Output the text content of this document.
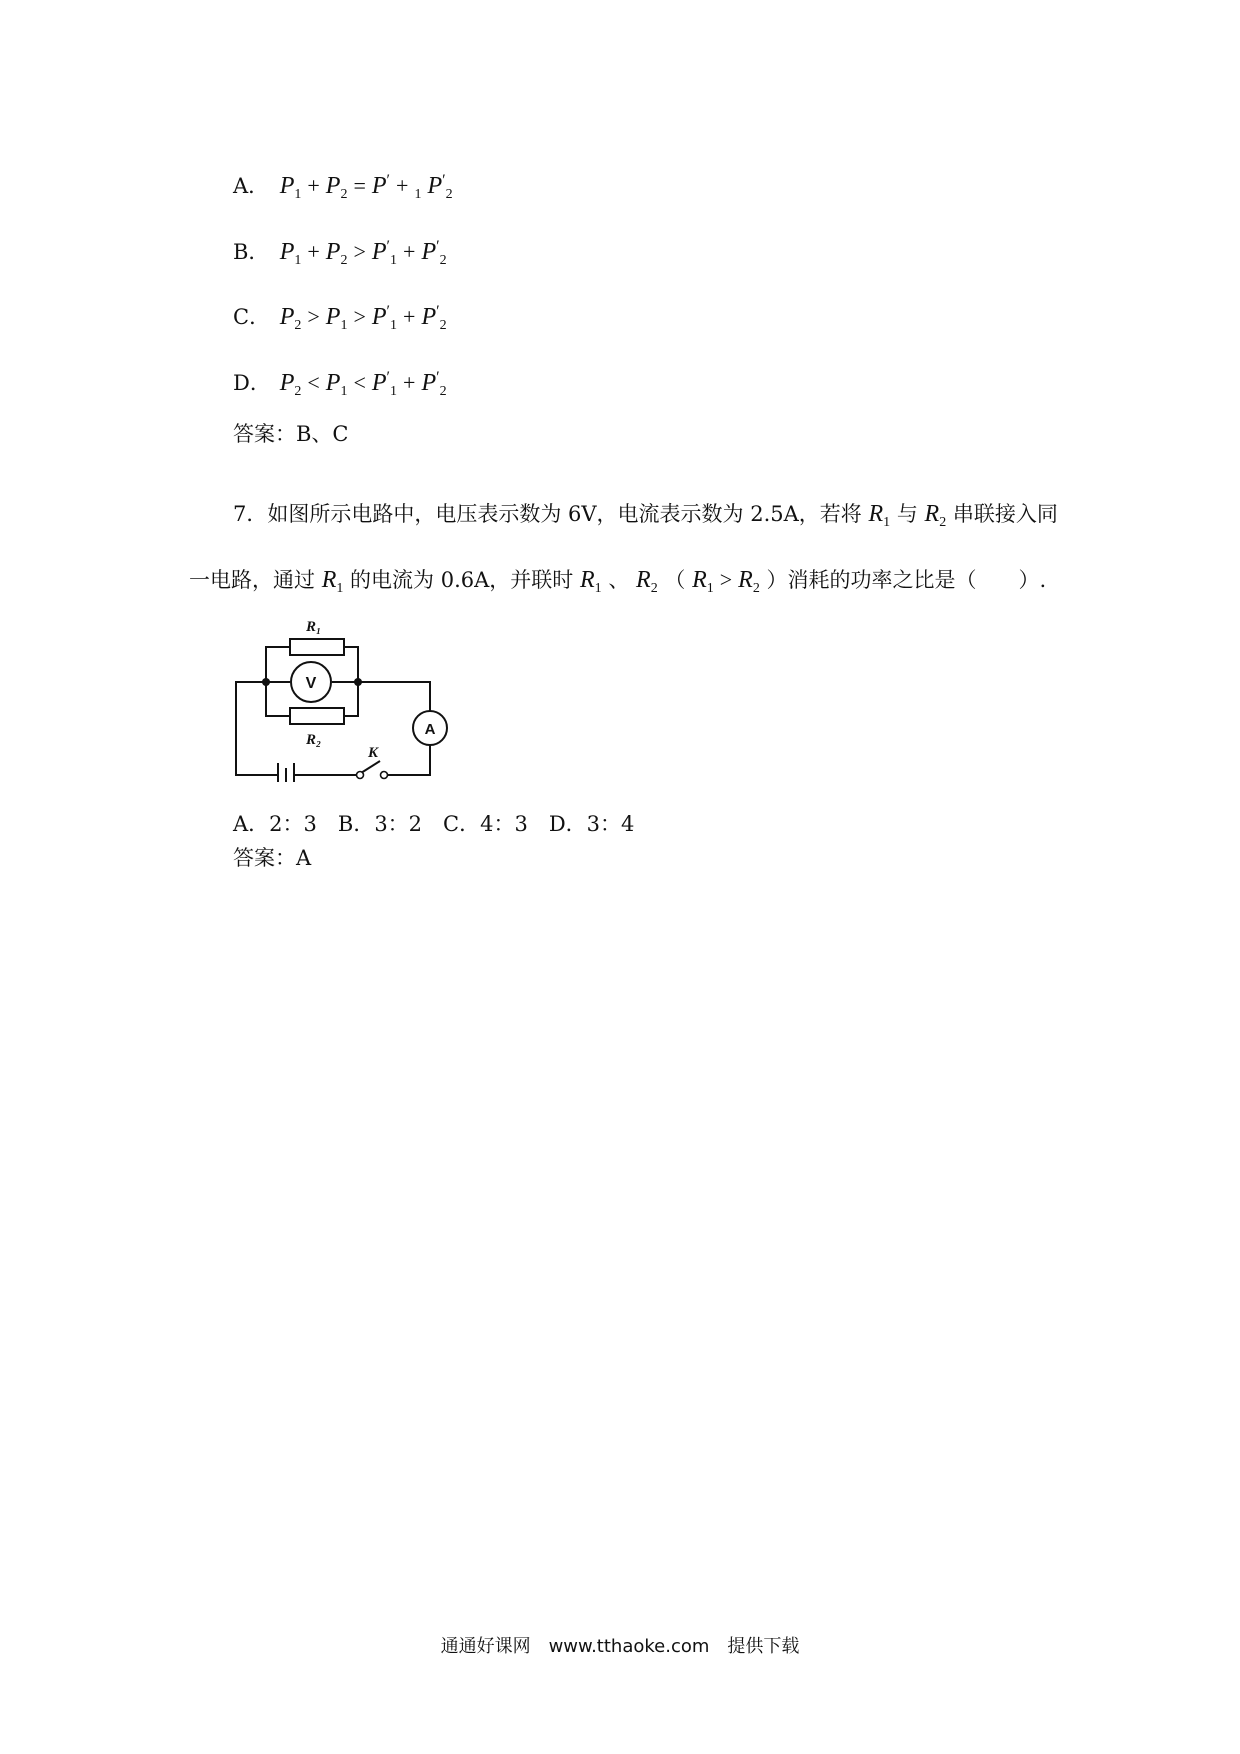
A． $P_1 + P_2 = P' + _1$ $P'_2$
B． $P_1 + P_2 > P'_1 + P'_2$
C． $P_2 > P_1 > P'_1 + P'_2$
D． $P_2 < P_1 < P'_1 + P'_2$
答案：B、C
7．如图所示电路中，电压表示数为 6V，电流表示数为 2.5A，若将 $R_1$ 与 $R_2$ 串联接入同
一电路，通过 $R_1$ 的电流为 0.6A，并联时 $R_1$ 、 $R_2$ （ $R_1 > R_2$ ）消耗的功率之比是（　　）.
R₁
R₂
K
V
A
A．2：3　B．3：2　C．4：3　D．3：4
答案：A
通通好课网　www.tthaoke.com　提供下载
